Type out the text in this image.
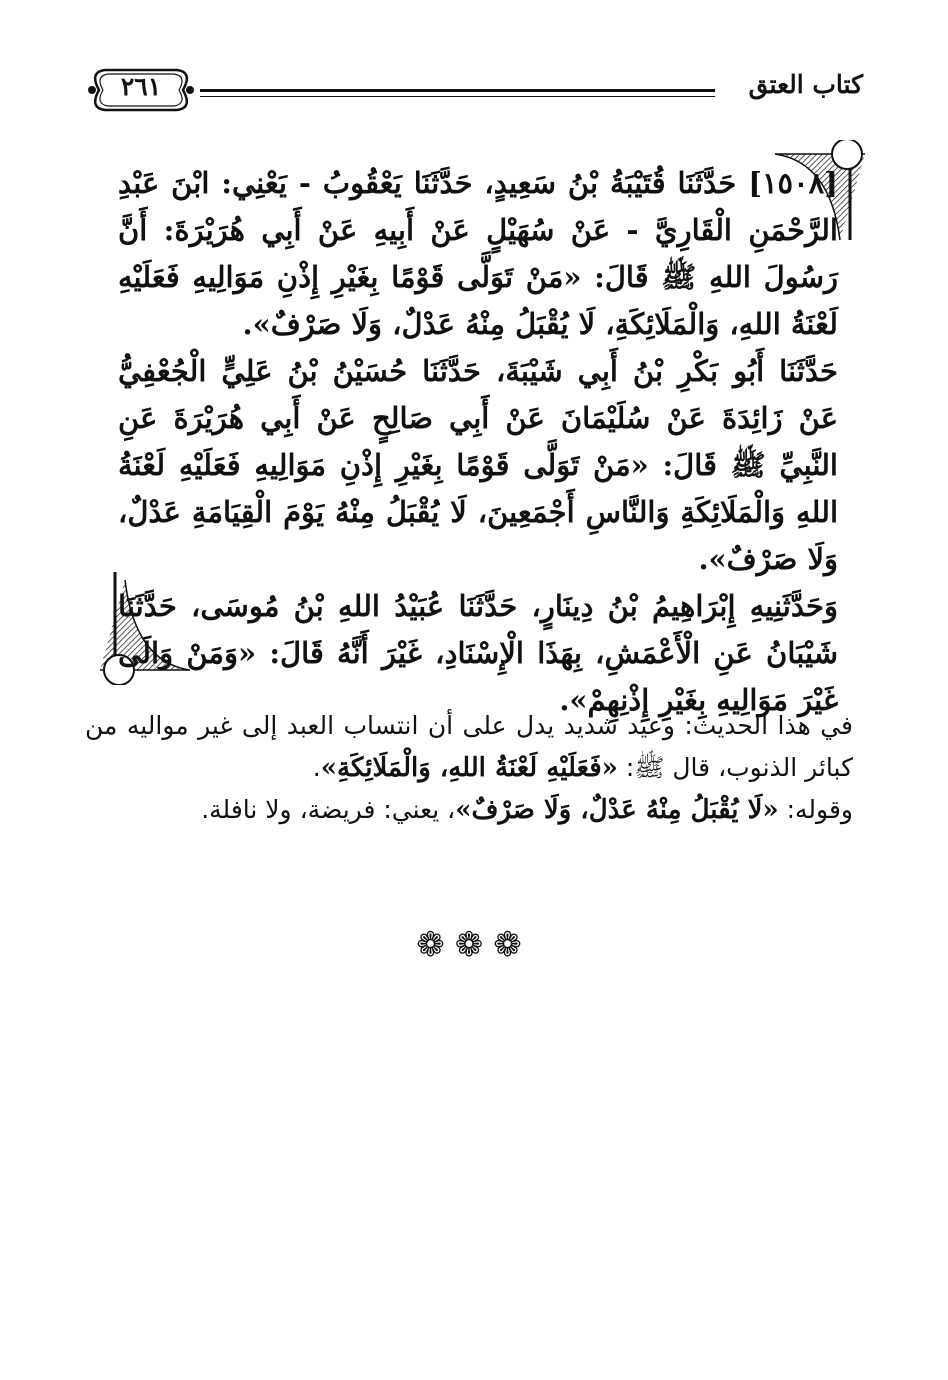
كتاب العتق
٢٦١

[١٥٠٨] حَدَّثَنَا قُتَيْبَةُ بْنُ سَعِيدٍ، حَدَّثَنَا يَعْقُوبُ - يَعْنِي: ابْنَ عَبْدِ الرَّحْمَنِ الْقَارِيَّ - عَنْ سُهَيْلٍ عَنْ أَبِيهِ عَنْ أَبِي هُرَيْرَةَ: أَنَّ رَسُولَ اللهِ ﷺ قَالَ: «مَنْ تَوَلَّى قَوْمًا بِغَيْرِ إِذْنِ مَوَالِيهِ فَعَلَيْهِ لَعْنَةُ اللهِ، وَالْمَلَائِكَةِ، لَا يُقْبَلُ مِنْهُ عَدْلٌ، وَلَا صَرْفٌ».

حَدَّثَنَا أَبُو بَكْرِ بْنُ أَبِي شَيْبَةَ، حَدَّثَنَا حُسَيْنُ بْنُ عَلِيٍّ الْجُعْفِيُّ عَنْ زَائِدَةَ عَنْ سُلَيْمَانَ عَنْ أَبِي صَالِحٍ عَنْ أَبِي هُرَيْرَةَ عَنِ النَّبِيِّ ﷺ قَالَ: «مَنْ تَوَلَّى قَوْمًا بِغَيْرِ إِذْنِ مَوَالِيهِ فَعَلَيْهِ لَعْنَةُ اللهِ وَالْمَلَائِكَةِ وَالنَّاسِ أَجْمَعِينَ، لَا يُقْبَلُ مِنْهُ يَوْمَ الْقِيَامَةِ عَدْلٌ، وَلَا صَرْفٌ».

وَحَدَّثَنِيهِ إِبْرَاهِيمُ بْنُ دِينَارٍ، حَدَّثَنَا عُبَيْدُ اللهِ بْنُ مُوسَى، حَدَّثَنَا شَيْبَانُ عَنِ الْأَعْمَشِ، بِهَذَا الْإِسْنَادِ، غَيْرَ أَنَّهُ قَالَ: «وَمَنْ وَالَى غَيْرَ مَوَالِيهِ بِغَيْرِ إِذْنِهِمْ».

في هذا الحديث: وعيد شديد يدل على أن انتساب العبد إلى غير مواليه من كبائر الذنوب، قال ﷺ: «فَعَلَيْهِ لَعْنَةُ اللهِ، وَالْمَلَائِكَةِ».

وقوله: «لَا يُقْبَلُ مِنْهُ عَدْلٌ، وَلَا صَرْفٌ»، يعني: فريضة، ولا نافلة.

❁❁❁
